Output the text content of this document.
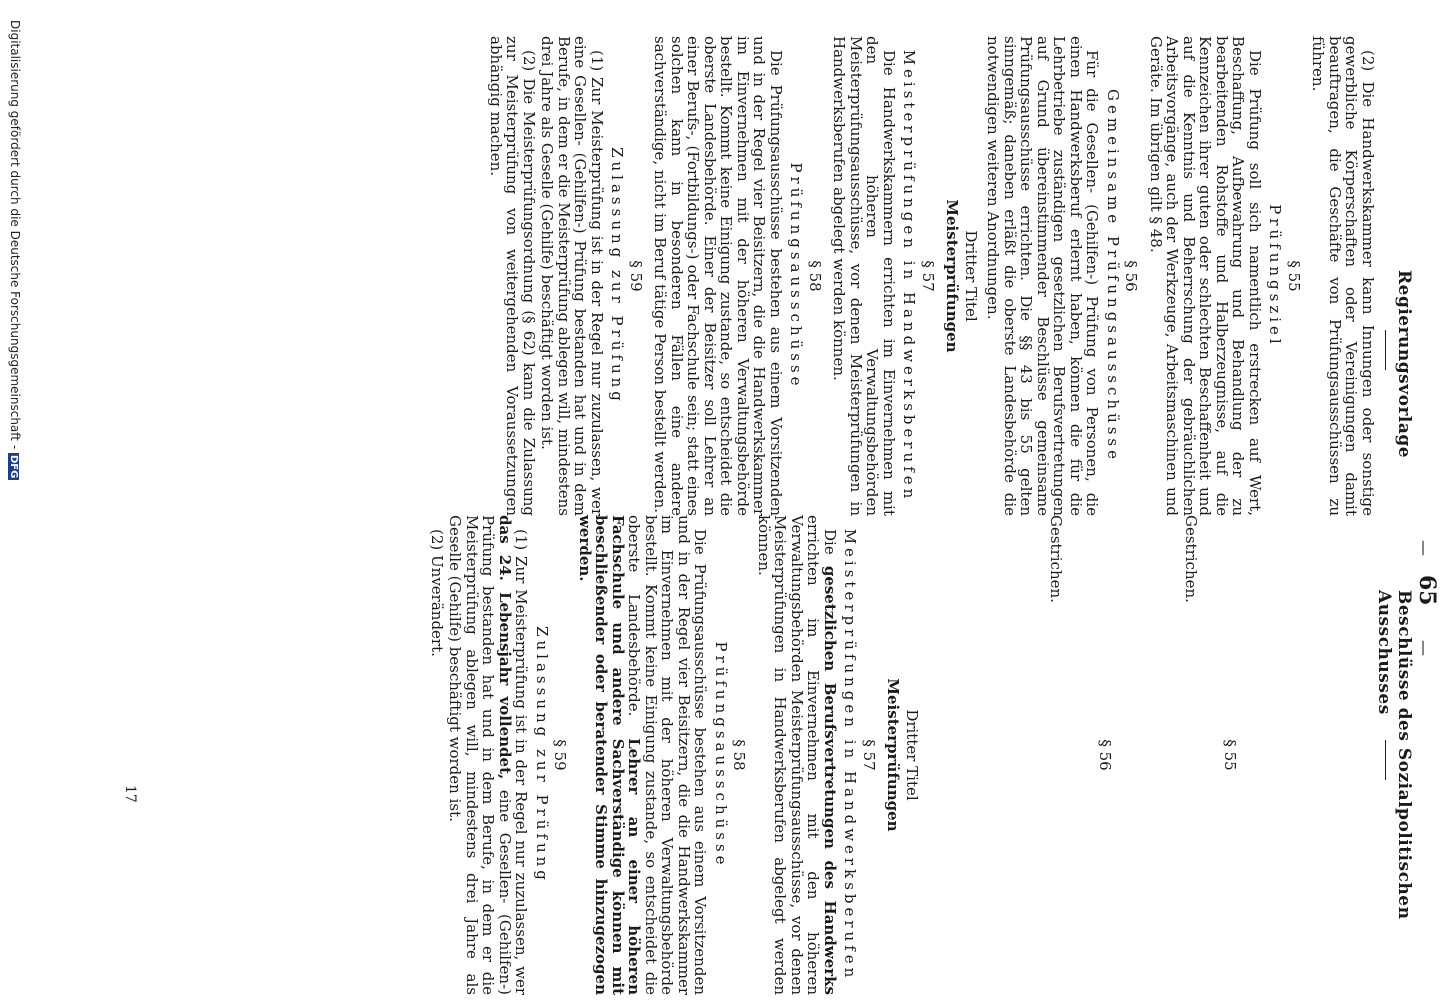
—
65
—
Regierungsvorlage
Beschlüsse des Sozialpolitischen Ausschusses

(2) Die Handwerkskammer kann Innungen oder sonstige gewerbliche Körperschaften oder Vereinigungen damit beauftragen, die Geschäfte von Prüfungsausschüssen zu führen.

§ 55
Prüfungsziel

Die Prüfung soll sich namentlich erstrecken auf Wert, Beschaffung, Aufbewahrung und Behandlung der zu bearbeitenden Rohstoffe und Halberzeugnisse, auf die Kennzeichen ihrer guten oder schlechten Beschaffenheit und auf die Kenntnis und Beherrschung der gebräuchlichen Arbeitsvorgänge, auch der Werkzeuge, Arbeitsmaschinen und Geräte. Im übrigen gilt § 48.

§ 56
Gemeinsame Prüfungsausschüsse

Für die Gesellen- (Gehilfen-) Prüfung von Personen, die einen Handwerksberuf erlernt haben, können die für die Lehrbetriebe zuständigen gesetzlichen Berufsvertretungen auf Grund übereinstimmender Beschlüsse gemeinsame Prüfungsausschüsse errichten. Die §§ 43 bis 55 gelten sinngemäß; daneben erläßt die oberste Landesbehörde die notwendigen weiteren Anordnungen.

Dritter Titel
Meisterprüfungen
§ 57
Meisterprüfungen in Handwerksberufen

Die Handwerkskammern errichten im Einvernehmen mit den höheren Verwaltungsbehörden Meisterprüfungsausschüsse, vor denen Meisterprüfungen in Handwerksberufen abgelegt werden können.

§ 58
Prüfungsausschüsse

Die Prüfungsausschüsse bestehen aus einem Vorsitzenden und in der Regel vier Beisitzern, die die Handwerkskammer im Einvernehmen mit der höheren Verwaltungsbehörde bestellt. Kommt keine Einigung zustande, so entscheidet die oberste Landesbehörde. Einer der Beisitzer soll Lehrer an einer Berufs-, (Fortbildungs-) oder Fachschule sein; statt eines solchen kann in besonderen Fällen eine andere sachverständige, nicht im Beruf tätige Person bestellt werden.

§ 59
Zulassung zur Prüfung

(1) Zur Meisterprüfung ist in der Regel nur zuzulassen, wer eine Gesellen- (Gehilfen-) Prüfung bestanden hat und in dem Berufe, in dem er die Meisterprüfung ablegen will, mindestens drei Jahre als Geselle (Gehilfe) beschäftigt worden ist.

(2) Die Meisterprüfungsordnung (§ 62) kann die Zulassung zur Meisterprüfung von weitergehenden Voraussetzungen abhängig machen.

§ 55

Gestrichen.

§ 56

Gestrichen.

Dritter Titel
Meisterprüfungen
§ 57
Meisterprüfungen in Handwerksberufen

Die gesetzlichen Berufsvertretungen des Handwerks errichten im Einvernehmen mit den höheren Verwaltungsbehörden Meisterprüfungsausschüsse, vor denen Meisterprüfungen in Handwerksberufen abgelegt werden können.

§ 58
Prüfungsausschüsse

Die Prüfungsausschüsse bestehen aus einem Vorsitzenden und in der Regel vier Beisitzern, die die Handwerkskammer im Einvernehmen mit der höheren Verwaltungsbehörde bestellt. Kommt keine Einigung zustande, so entscheidet die oberste Landesbehörde. Lehrer an einer höheren Fachschule und andere Sachverständige können mit beschließender oder beratender Stimme hinzugezogen werden.

§ 59
Zulassung zur Prüfung

(1) Zur Meisterprüfung ist in der Regel nur zuzulassen, wer das 24. Lebensjahr vollendet, eine Gesellen- (Gehilfen-) Prüfung bestanden hat und in dem Berufe, in dem er die Meisterprüfung ablegen will, mindestens drei Jahre als Geselle (Gehilfe) beschäftigt worden ist.

(2) Unverändert.

17
Digitalisierung gefördert durch die Deutsche Forschungsgemeinschaft - DFG
